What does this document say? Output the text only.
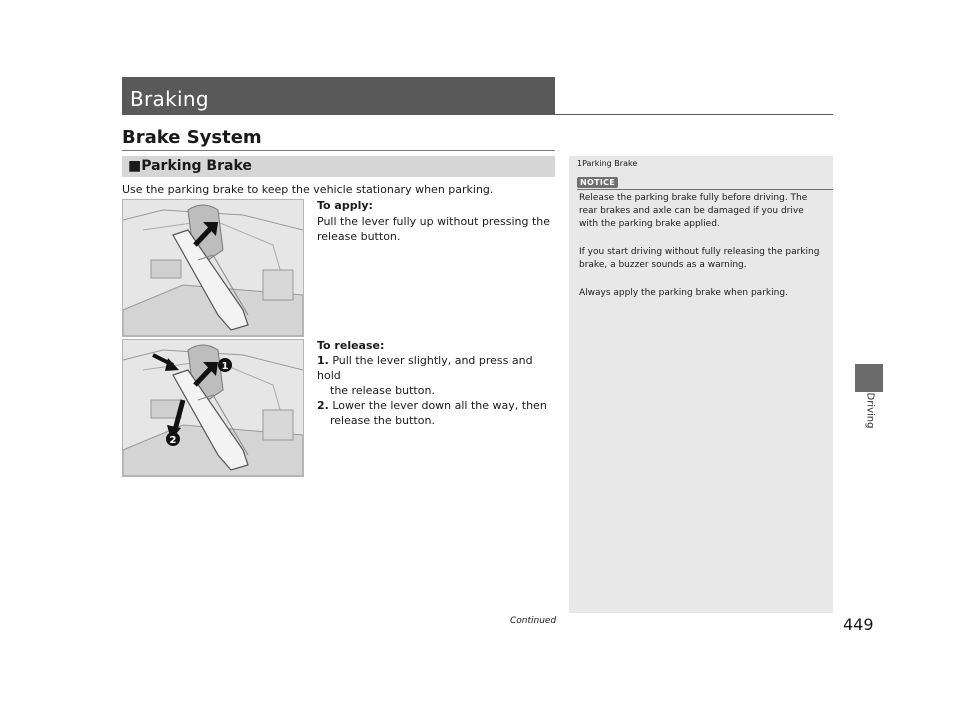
Braking
Brake System
■Parking Brake
Use the parking brake to keep the vehicle stationary when parking.
To apply:
Pull the lever fully up without pressing the
release button.
1
2
To release:
1. Pull the lever slightly, and press and hold
the release button.
2. Lower the lever down all the way, then
release the button.
1Parking Brake
NOTICE
Release the parking brake fully before driving. The
rear brakes and axle can be damaged if you drive
with the parking brake applied.
If you start driving without fully releasing the parking
brake, a buzzer sounds as a warning.
Always apply the parking brake when parking.
Driving
Continued	449
